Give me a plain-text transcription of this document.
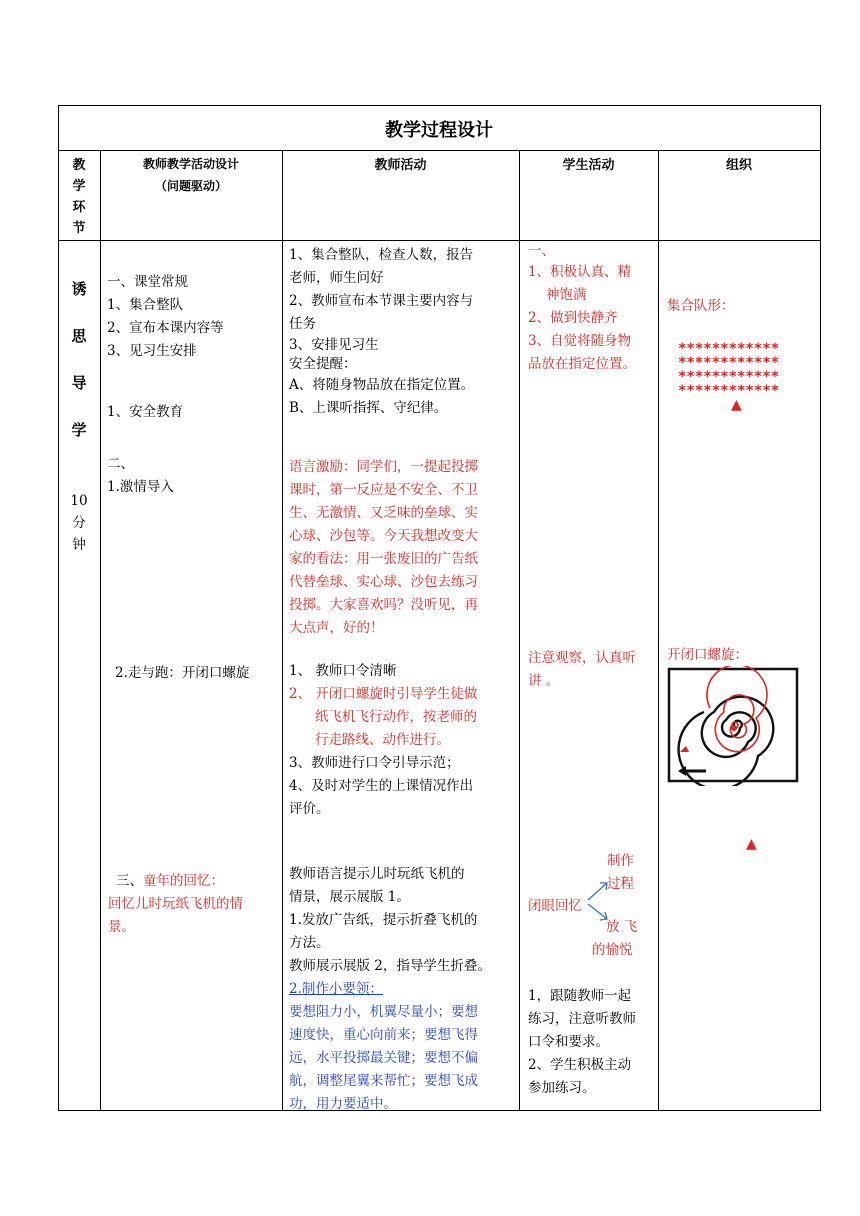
教学过程设计
教
学
环
节
教师教学活动设计
（问题驱动）
教师活动	学生活动	组织
诱
思
导
学
10
分
钟
一、课堂常规
1、集合整队
2、宣布本课内容等
3、见习生安排
1、安全教育
二、
1.激情导入
2.走与跑：开闭口螺旋
三、童年的回忆：
回忆儿时玩纸飞机的情
景。
1、集合整队，检查人数，报告
老师，师生问好
2、教师宣布本节课主要内容与
任务
3、安排见习生
安全提醒：
A、将随身物品放在指定位置。
B、上课听指挥、守纪律。
语言激励：同学们，一提起投掷
课时，第一反应是不安全、不卫
生、无激情、又乏味的垒球、实
心球、沙包等。今天我想改变大
家的看法：用一张废旧的广告纸
代替垒球、实心球、沙包去练习
投掷。大家喜欢吗？没听见，再
大点声，好的！
1、 教师口令清晰
2、 开闭口螺旋时引导学生徒做
纸飞机飞行动作，按老师的
行走路线、动作进行。
3、教师进行口令引导示范；
4、及时对学生的上课情况作出
评价。
教师语言提示儿时玩纸飞机的
情景，展示展版 1。
1.发放广告纸，提示折叠飞机的
方法。
教师展示展版 2，指导学生折叠。
2.制作小要领：
要想阻力小，机翼尽量小；要想
速度快，重心向前来；要想飞得
远，水平投掷最关键；要想不偏
航，调整尾翼来帮忙；要想飞成
功，用力要适中。
一、
1、积极认真、精
神饱满
2、做到快静齐
3、自觉将随身物
品放在指定位置。
注意观察，认真听
讲 。
闭眼回忆
制作
过程
放 飞
的愉悦
1，跟随教师一起
练习，注意听教师
口令和要求。
2、学生积极主动
参加练习。
集合队形：
************
************
************
************
▲
开闭口螺旋：
▲
